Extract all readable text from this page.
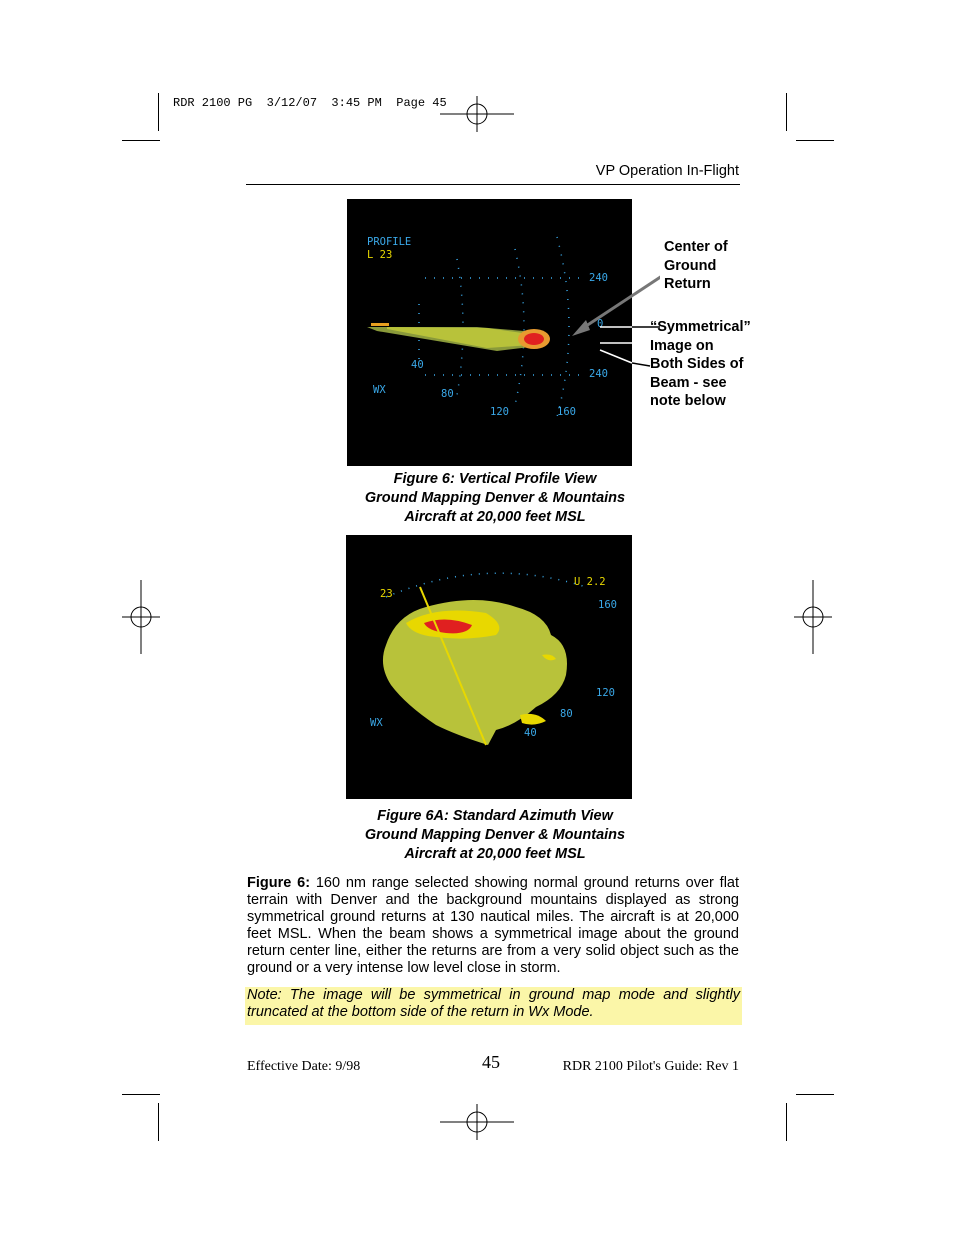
RDR 2100 PG  3/12/07  3:45 PM  Page 45
VP Operation In-Flight
PROFILE
L 23
240
0
240
WX
40
80
120	160
Center of
Ground
Return
“Symmetrical”
Image on
Both Sides of
Beam - see
note below
Figure 6: Vertical Profile View
Ground Mapping Denver & Mountains
Aircraft at 20,000 feet MSL
23
U 2.2
160
120
80
40
WX
Figure 6A: Standard Azimuth View
Ground Mapping Denver & Mountains
Aircraft at 20,000 feet MSL
Figure 6: 160 nm range selected showing normal ground returns over flat terrain with Denver and the background mountains displayed as strong symmetrical ground returns at 130 nautical miles. The aircraft is at 20,000 feet MSL. When the beam shows a symmetrical image about the ground return center line, either the returns are from a very solid object such as the ground or a very intense low level close in storm.
Note: The image will be symmetrical in ground map mode and slightly truncated at the bottom side of the return in Wx Mode.
Effective Date: 9/98	45	RDR 2100 Pilot's Guide: Rev 1
